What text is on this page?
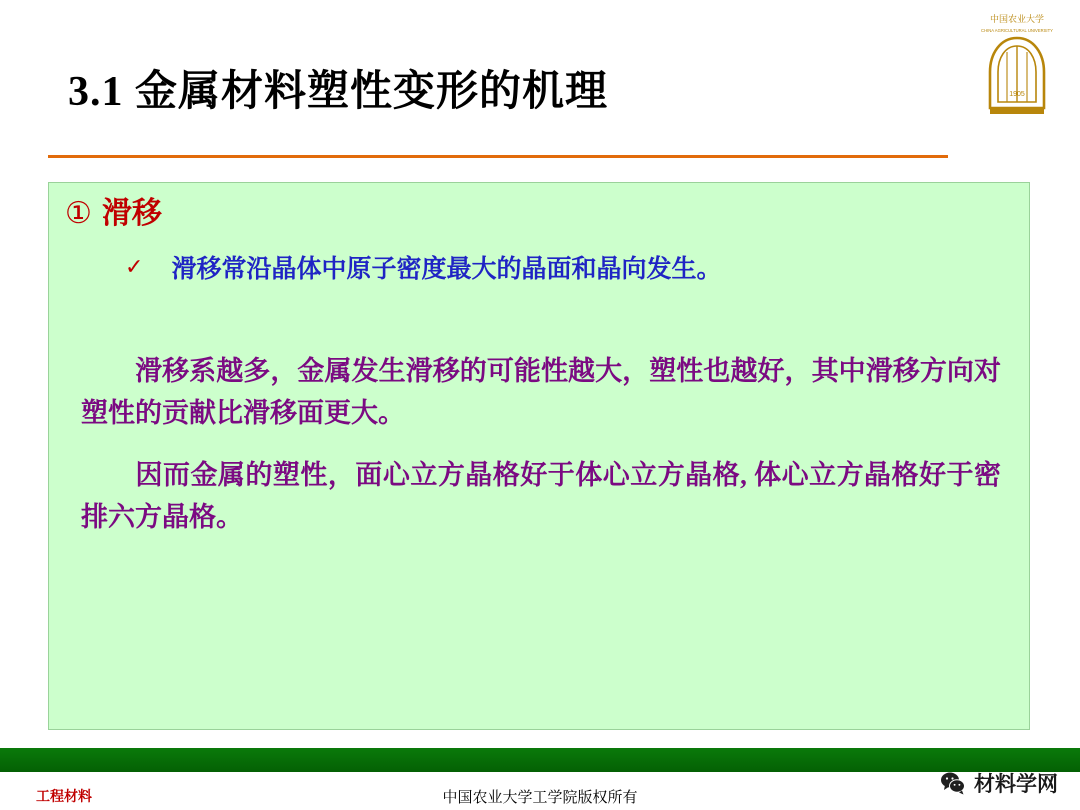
中国农业大学
CHINA AGRICULTURAL UNIVERSITY
1905
3.1 金属材料塑性变形的机理
① 滑移
✓ 滑移常沿晶体中原子密度最大的晶面和晶向发生。
滑移系越多，金属发生滑移的可能性越大，塑性也越好，其中滑移方向对塑性的贡献比滑移面更大。
因而金属的塑性，面心立方晶格好于体心立方晶格, 体心立方晶格好于密排六方晶格。
工程材料	中国农业大学工学院版权所有
材料学网
